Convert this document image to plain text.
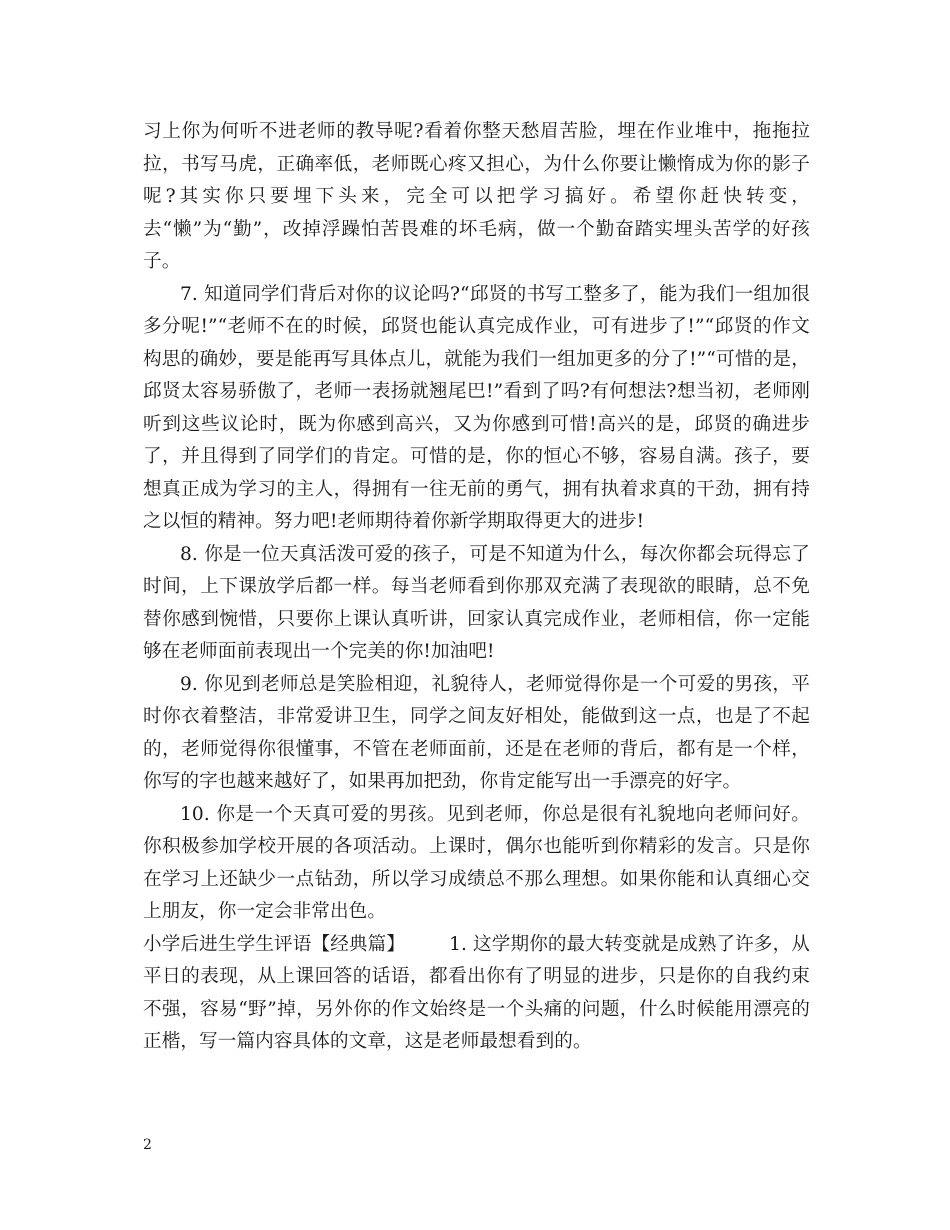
习上你为何听不进老师的教导呢?看着你整天愁眉苦脸，埋在作业堆中，拖拖拉拉，书写马虎，正确率低，老师既心疼又担心，为什么你要让懒惰成为你的影子呢?其实你只要埋下头来，完全可以把学习搞好。希望你赶快转变，去“懒”为“勤”，改掉浮躁怕苦畏难的坏毛病，做一个勤奋踏实埋头苦学的好孩子。

7. 知道同学们背后对你的议论吗?“邱贤的书写工整多了，能为我们一组加很多分呢!”“老师不在的时候，邱贤也能认真完成作业，可有进步了!”“邱贤的作文构思的确妙，要是能再写具体点儿，就能为我们一组加更多的分了!”“可惜的是，邱贤太容易骄傲了，老师一表扬就翘尾巴!”看到了吗?有何想法?想当初，老师刚听到这些议论时，既为你感到高兴，又为你感到可惜!高兴的是，邱贤的确进步了，并且得到了同学们的肯定。可惜的是，你的恒心不够，容易自满。孩子，要想真正成为学习的主人，得拥有一往无前的勇气，拥有执着求真的干劲，拥有持之以恒的精神。努力吧!老师期待着你新学期取得更大的进步!

8. 你是一位天真活泼可爱的孩子，可是不知道为什么，每次你都会玩得忘了时间，上下课放学后都一样。每当老师看到你那双充满了表现欲的眼睛，总不免替你感到惋惜，只要你上课认真听讲，回家认真完成作业，老师相信，你一定能够在老师面前表现出一个完美的你!加油吧!

9. 你见到老师总是笑脸相迎，礼貌待人，老师觉得你是一个可爱的男孩，平时你衣着整洁，非常爱讲卫生，同学之间友好相处，能做到这一点，也是了不起的，老师觉得你很懂事，不管在老师面前，还是在老师的背后，都有是一个样，你写的字也越来越好了，如果再加把劲，你肯定能写出一手漂亮的好字。

10. 你是一个天真可爱的男孩。见到老师，你总是很有礼貌地向老师问好。你积极参加学校开展的各项活动。上课时，偶尔也能听到你精彩的发言。只是你在学习上还缺少一点钻劲，所以学习成绩总不那么理想。如果你能和认真细心交上朋友，你一定会非常出色。

小学后进生学生评语【经典篇】 1. 这学期你的最大转变就是成熟了许多，从平日的表现，从上课回答的话语，都看出你有了明显的进步，只是你的自我约束不强，容易“野”掉，另外你的作文始终是一个头痛的问题，什么时候能用漂亮的正楷，写一篇内容具体的文章，这是老师最想看到的。

2
